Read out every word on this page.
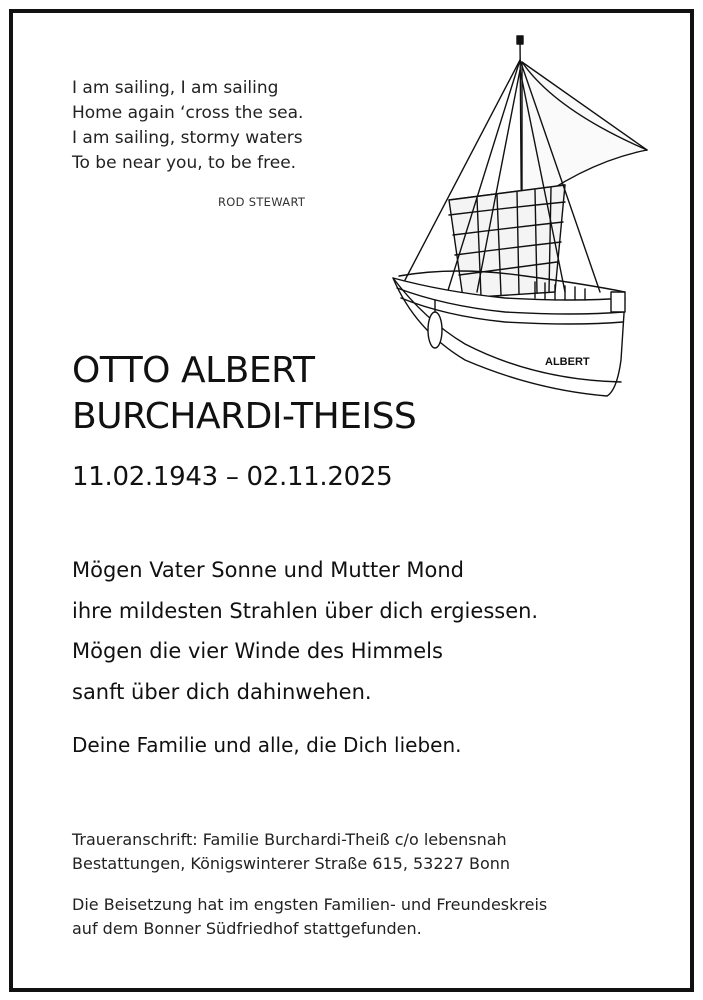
I am sailing, I am sailing
Home again ‘cross the sea.
I am sailing, stormy waters
To be near you, to be free.
ROD STEWART
ALBERT
OTTO ALBERT
BURCHARDI-THEISS
11.02.1943 – 02.11.2025
Mögen Vater Sonne und Mutter Mond
ihre mildesten Strahlen über dich ergiessen.
Mögen die vier Winde des Himmels
sanft über dich dahinwehen.
Deine Familie und alle, die Dich lieben.
Traueranschrift: Familie Burchardi-Theiß c/o lebensnah
Bestattungen, Königswinterer Straße 615, 53227 Bonn
Die Beisetzung hat im engsten Familien- und Freundeskreis
auf dem Bonner Südfriedhof stattgefunden.
